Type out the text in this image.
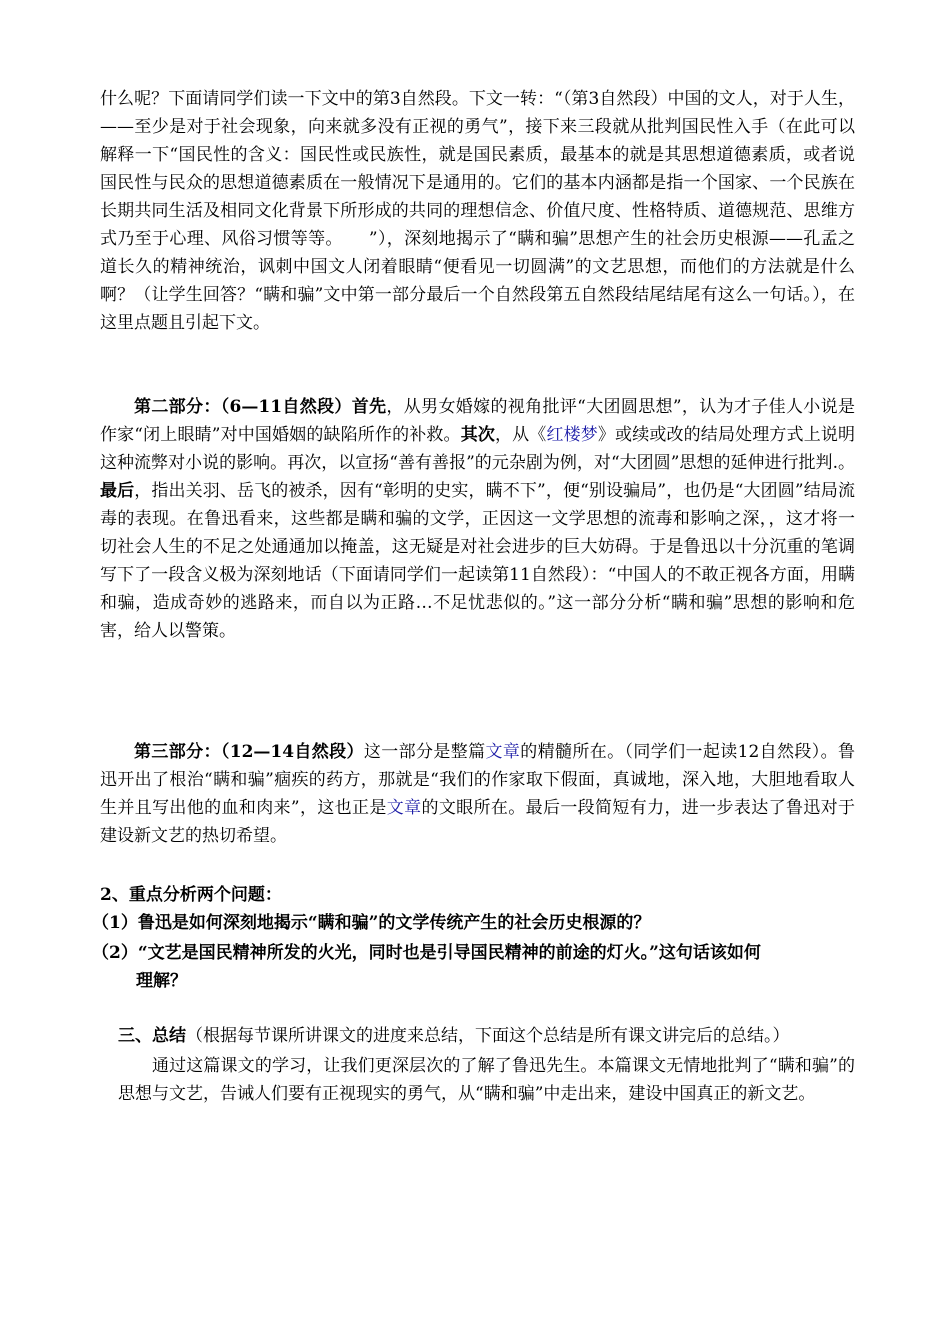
什么呢？下面请同学们读一下文中的第3自然段。下文一转：“（第3自然段）中国的文人，对于人生，——至少是对于社会现象，向来就多没有正视的勇气”，接下来三段就从批判国民性入手（在此可以解释一下“国民性的含义：国民性或民族性，就是国民素质，最基本的就是其思想道德素质，或者说国民性与民众的思想道德素质在一般情况下是通用的。它们的基本内涵都是指一个国家、一个民族在长期共同生活及相同文化背景下所形成的共同的理想信念、价值尺度、性格特质、道德规范、思维方式乃至于心理、风俗习惯等等。　　”），深刻地揭示了“瞒和骗”思想产生的社会历史根源——孔孟之道长久的精神统治，讽刺中国文人闭着眼睛“便看见一切圆满”的文艺思想，而他们的方法就是什么啊？（让学生回答？“瞒和骗”文中第一部分最后一个自然段第五自然段结尾结尾有这么一句话。），在这里点题且引起下文。
第二部分：（6—11自然段）首先，从男女婚嫁的视角批评“大团圆思想”，认为才子佳人小说是作家“闭上眼睛”对中国婚姻的缺陷所作的补救。其次，从《红楼梦》或续或改的结局处理方式上说明这种流弊对小说的影响。再次，以宣扬“善有善报”的元杂剧为例，对“大团圆”思想的延伸进行批判.。最后，指出关羽、岳飞的被杀，因有“彰明的史实，瞒不下”，便“别设骗局”，也仍是“大团圆”结局流毒的表现。在鲁迅看来，这些都是瞒和骗的文学，正因这一文学思想的流毒和影响之深，，这才将一切社会人生的不足之处通通加以掩盖，这无疑是对社会进步的巨大妨碍。于是鲁迅以十分沉重的笔调写下了一段含义极为深刻地话（下面请同学们一起读第11自然段）：“中国人的不敢正视各方面，用瞒和骗，造成奇妙的逃路来，而自以为正路…不足忧悲似的。”这一部分分析“瞒和骗”思想的影响和危害，给人以警策。
第三部分：（12—14自然段）这一部分是整篇文章的精髓所在。（同学们一起读12自然段）。鲁迅开出了根治“瞒和骗”痼疾的药方，那就是“我们的作家取下假面，真诚地，深入地，大胆地看取人生并且写出他的血和肉来”，这也正是文章的文眼所在。最后一段简短有力，进一步表达了鲁迅对于建设新文艺的热切希望。
2、重点分析两个问题：
（1）鲁迅是如何深刻地揭示“瞒和骗”的文学传统产生的社会历史根源的？
（2）“文艺是国民精神所发的火光，同时也是引导国民精神的前途的灯火。”这句话该如何
理解？
三、总结（根据每节课所讲课文的进度来总结，下面这个总结是所有课文讲完后的总结。）
通过这篇课文的学习，让我们更深层次的了解了鲁迅先生。本篇课文无情地批判了“瞒和骗”的思想与文艺，告诫人们要有正视现实的勇气，从“瞒和骗”中走出来，建设中国真正的新文艺。
